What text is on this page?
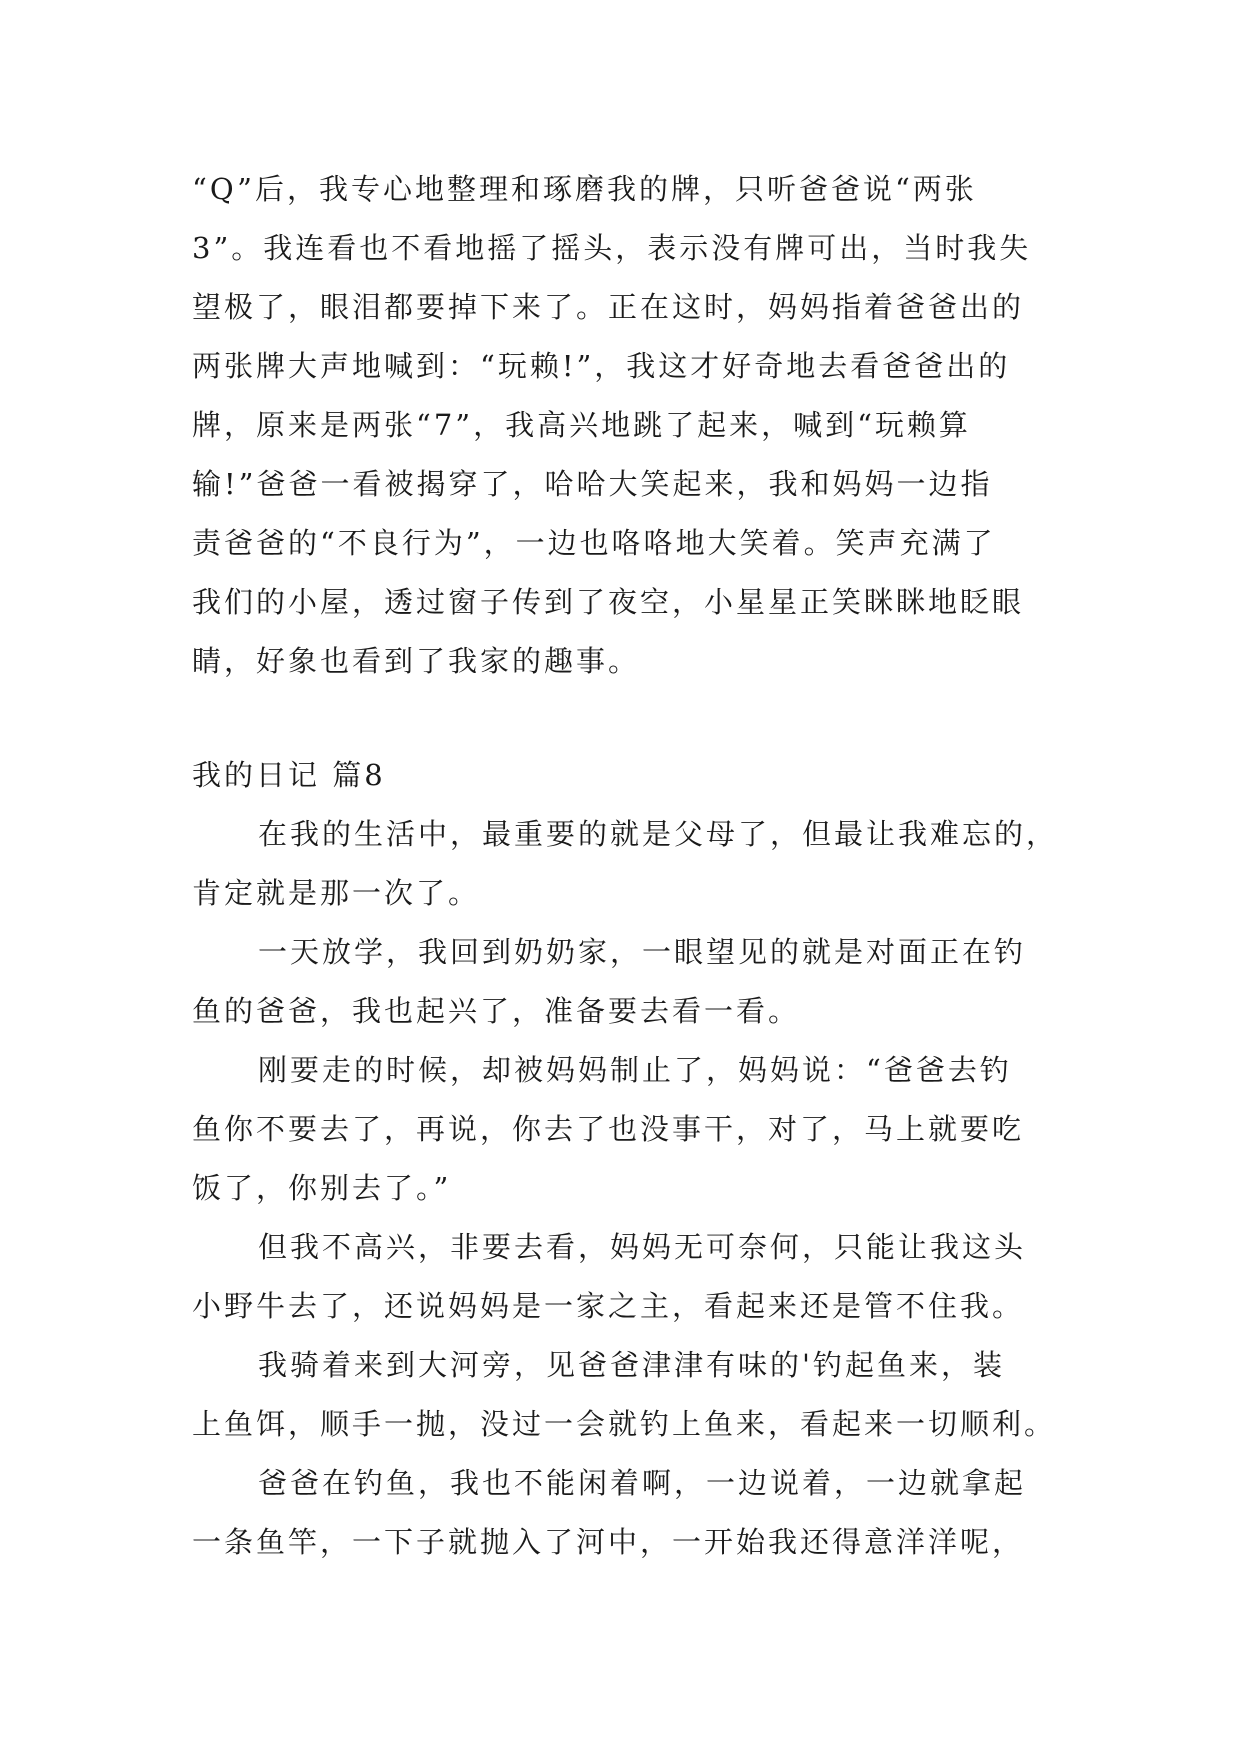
“Q”后，我专心地整理和琢磨我的牌，只听爸爸说“两张
3”。我连看也不看地摇了摇头，表示没有牌可出，当时我失
望极了，眼泪都要掉下来了。正在这时，妈妈指着爸爸出的
两张牌大声地喊到：“玩赖!”，我这才好奇地去看爸爸出的
牌，原来是两张“7”，我高兴地跳了起来，喊到“玩赖算
输!”爸爸一看被揭穿了，哈哈大笑起来，我和妈妈一边指
责爸爸的“不良行为”，一边也咯咯地大笑着。笑声充满了
我们的小屋，透过窗子传到了夜空，小星星正笑眯眯地眨眼
睛，好象也看到了我家的趣事。
我的日记 篇8
在我的生活中，最重要的就是父母了，但最让我难忘的，
肯定就是那一次了。
一天放学，我回到奶奶家，一眼望见的就是对面正在钓
鱼的爸爸，我也起兴了，准备要去看一看。
刚要走的时候，却被妈妈制止了，妈妈说：“爸爸去钓
鱼你不要去了，再说，你去了也没事干，对了，马上就要吃
饭了，你别去了。”
但我不高兴，非要去看，妈妈无可奈何，只能让我这头
小野牛去了，还说妈妈是一家之主，看起来还是管不住我。
我骑着来到大河旁，见爸爸津津有味的'钓起鱼来，装
上鱼饵，顺手一抛，没过一会就钓上鱼来，看起来一切顺利。
爸爸在钓鱼，我也不能闲着啊，一边说着，一边就拿起
一条鱼竿，一下子就抛入了河中，一开始我还得意洋洋呢，
